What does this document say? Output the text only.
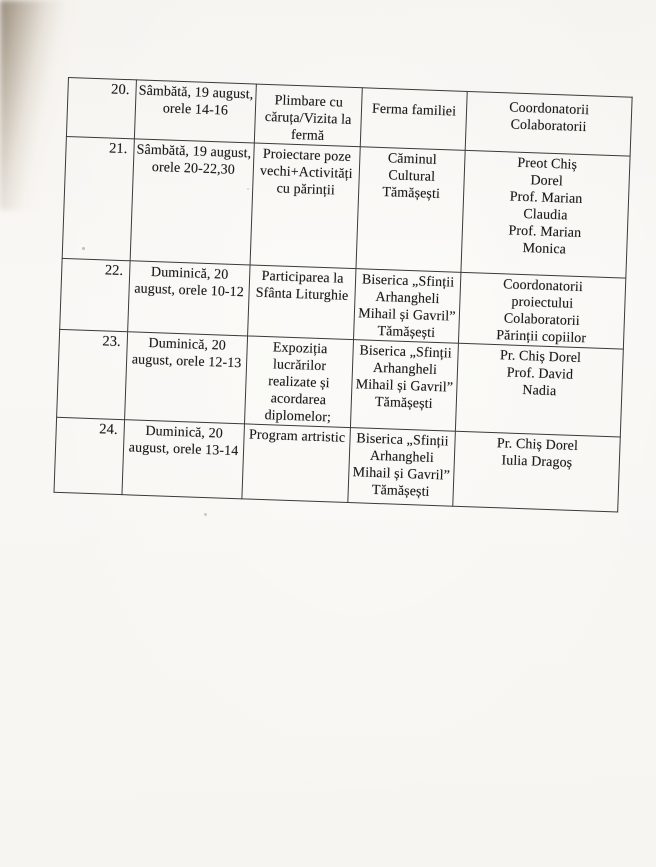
20.	Sâmbătă, 19 august,
orele 14-16	Plimbare cu
căruța/Vizita la
fermă	Ferma familiei	Coordonatorii
Colaboratorii
21.	Sâmbătă, 19 august,
orele 20-22,30	Proiectare poze
vechi+Activități
cu părinții	Căminul
Cultural
Tămășești	Preot Chiș
Dorel
Prof. Marian
Claudia
Prof. Marian
Monica
22.	Duminică, 20
august, orele 10-12	Participarea la
Sfânta Liturghie	Biserica „Sfinții
Arhangheli
Mihail și Gavril”
Tămășești	Coordonatorii
proiectului
Colaboratorii
Părinții copiilor
23.	Duminică, 20
august, orele 12-13	Expoziția
lucrărilor
realizate și
acordarea
diplomelor;	Biserica „Sfinții
Arhangheli
Mihail și Gavril”
Tămășești	Pr. Chiș Dorel
Prof. David
Nadia
24.	Duminică, 20
august, orele 13-14	Program artristic	Biserica „Sfinții
Arhangheli
Mihail și Gavril”
Tămășești	Pr. Chiș Dorel
Iulia Dragoș
